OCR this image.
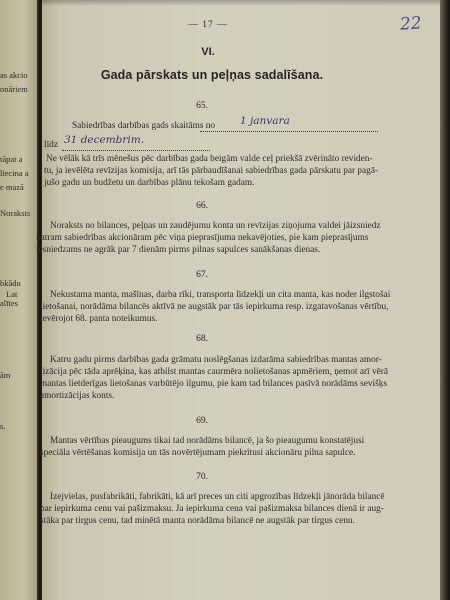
as akcio
onāriem
tāpat a
liecina a
e mazā
Noraksts
bkādu
Lat
alītes
ām
s.
— 17 —	22
VI.
Gada pārskats un peļņas sadalīšana.
65.
Sabiedrības darbības gads skaitāms no 1 janvara
līdz 31 decembrim.
Ne vēlāk kā trīs mēnešus pēc darbības gada beigām valde ceļ priekšā zvērināto reviden-
tu, ja ievēlēta revīzijas komisija, arī tās pārbaudīšanai sabiedrības gada pārskatu par pagā-
jušo gadu un budžetu un darbības plānu tekošam gadam.
66.
Noraksts no bilances, peļņas un zaudējumu konta un revīzijas ziņojuma valdei jāizsniedz
katram sabiedrības akcionāram pēc viņa pieprasījuma nekavējoties, pie kam pieprasījums
iesniedzams ne agrāk par 7 dienām pirms pilnas sapulces sanākšanas dienas.
67.
Nekustama manta, mašīnas, darba rīki, transporta līdzekļi un cita manta, kas noder ilgstošai
lietošanai, norādāma bilancēs aktīvā ne augstāk par tās iepirkuma resp. izgatavošanas vērtību,
ievērojot 68. panta noteikumus.
68.
Katru gadu pirms darbības gada grāmatu noslēgšanas izdarāma sabiedrības mantas amor-
tizācija pēc tāda aprēķina, kas atbilst mantas caurmēra nolietošanas apmēriem, ņemot arī vērā
mantas lietderīgas lietošanas varbūtējo ilgumu, pie kam tad bilances pasīvā norādāms sevišķs
amortizācijas konts.
69.
Mantas vērtības pieaugums tikai tad norādāms bilancē, ja šo pieaugumu konstatējusi
speciāla vērtēšanas komisija un tās novērtējumam piekritusi akcionāru pilna sapulce.
70.
Izejvielas, pusfabrikāti, fabrikāti, kā arī preces un citi apgrozības līdzekļi jānorāda bilancē
par iepirkuma cenu vai pašizmaksu. Ja iepirkuma cena vai pašizmaksa bilances dienā ir aug-
stāka par tirgus cenu, tad minētā manta norādāma bilancē ne augstāk par tirgus cenu.
